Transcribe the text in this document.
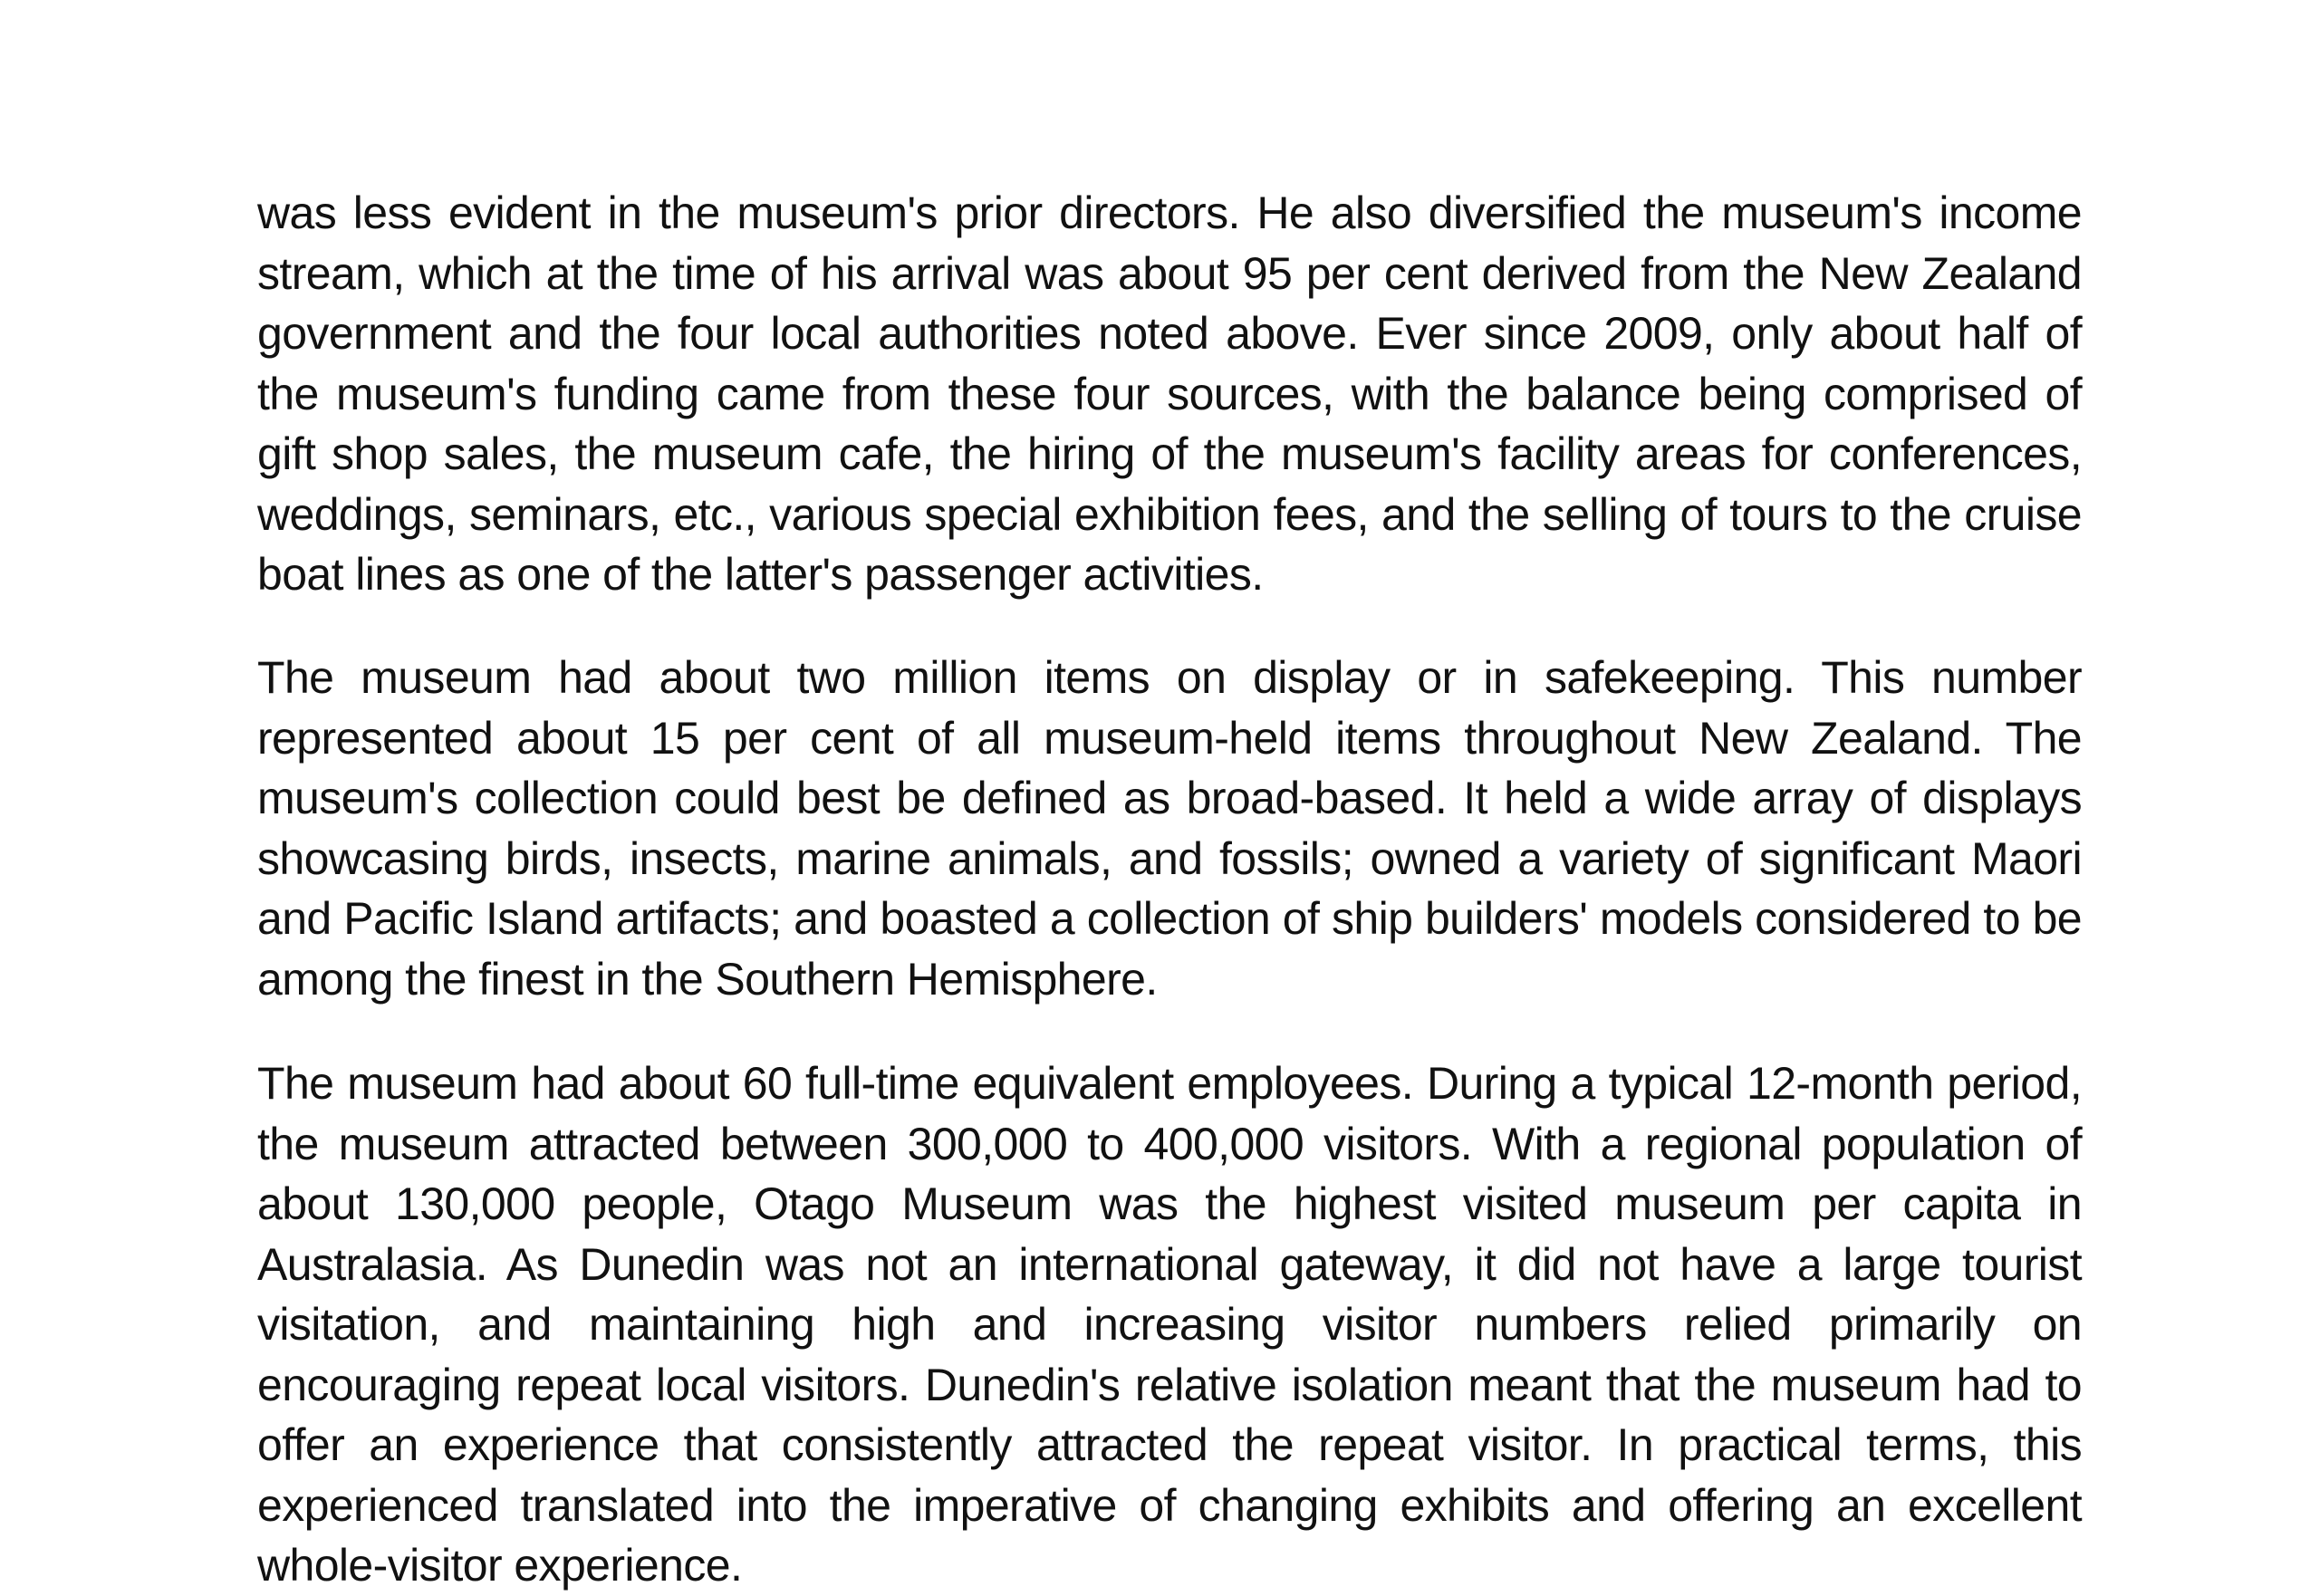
was less evident in the museum's prior directors. He also diversified the museum's income stream, which at the time of his arrival was about 95 per cent derived from the New Zealand government and the four local authorities noted above. Ever since 2009, only about half of the museum's funding came from these four sources, with the balance being comprised of gift shop sales, the museum cafe, the hiring of the museum's facility areas for conferences, weddings, seminars, etc., various special exhibition fees, and the selling of tours to the cruise boat lines as one of the latter's passenger activities.

The museum had about two million items on display or in safekeeping. This number represented about 15 per cent of all museum-held items throughout New Zealand. The museum's collection could best be defined as broad-based. It held a wide array of displays showcasing birds, insects, marine animals, and fossils; owned a variety of significant Maori and Pacific Island artifacts; and boasted a collection of ship builders' models considered to be among the finest in the Southern Hemisphere.

The museum had about 60 full-time equivalent employees. During a typical 12-month period, the museum attracted between 300,000 to 400,000 visitors. With a regional population of about 130,000 people, Otago Museum was the highest visited museum per capita in Australasia. As Dunedin was not an international gateway, it did not have a large tourist visitation, and maintaining high and increasing visitor numbers relied primarily on encouraging repeat local visitors. Dunedin's relative isolation meant that the museum had to offer an experience that consistently attracted the repeat visitor. In practical terms, this experienced translated into the imperative of changing exhibits and offering an excellent whole-visitor experience.
